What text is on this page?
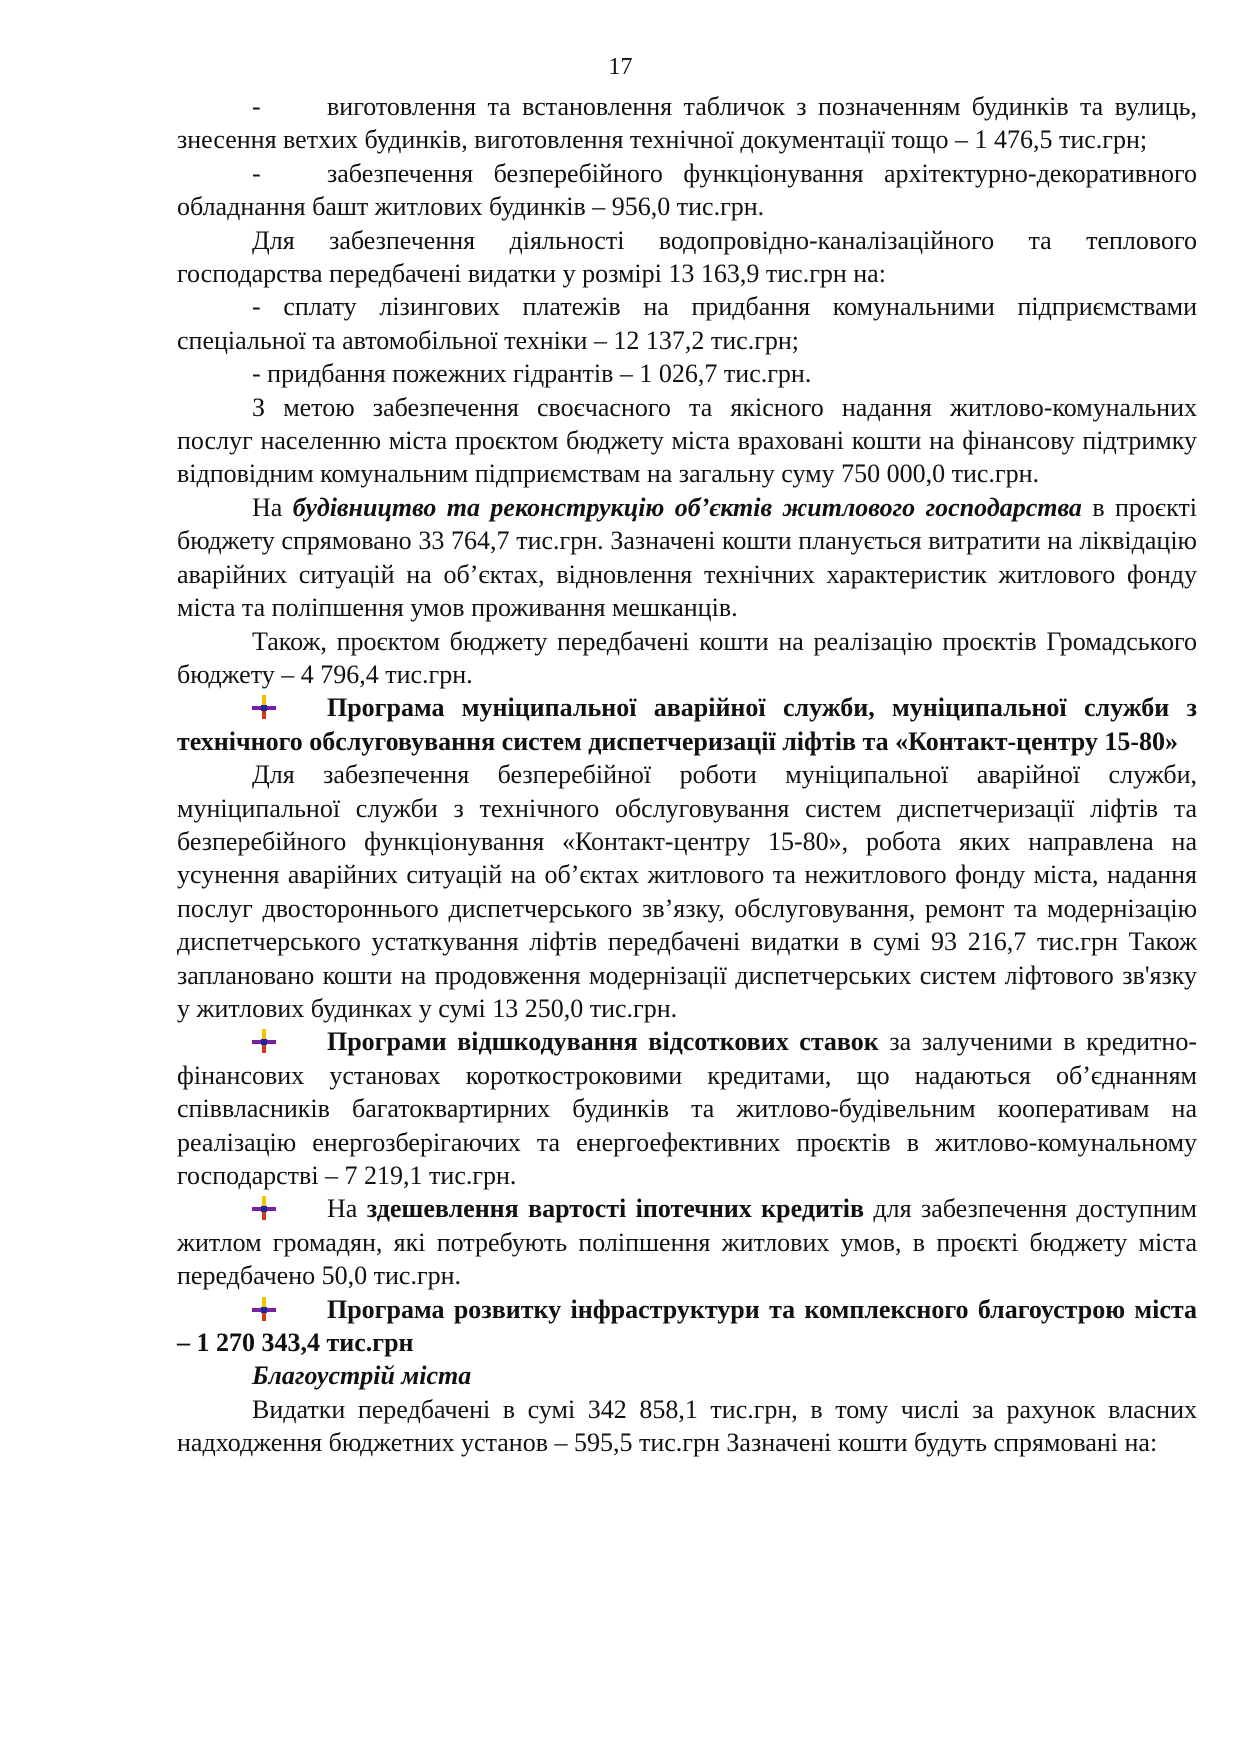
17

-	виготовлення та встановлення табличок з позначенням будинків та вулиць, знесення ветхих будинків, виготовлення технічної документації тощо – 1 476,5 тис.грн;

-	забезпечення безперебійного функціонування архітектурно-декоративного обладнання башт житлових будинків – 956,0 тис.грн.

Для забезпечення діяльності водопровідно-каналізаційного та теплового господарства передбачені видатки у розмірі 13 163,9 тис.грн на:

- сплату лізингових платежів на придбання комунальними підприємствами спеціальної та автомобільної техніки – 12 137,2 тис.грн;

- придбання пожежних гідрантів – 1 026,7 тис.грн.

З метою забезпечення своєчасного та якісного надання житлово-комунальних послуг населенню міста проєктом бюджету міста враховані кошти на фінансову підтримку відповідним комунальним підприємствам на загальну суму 750 000,0 тис.грн.

На будівництво та реконструкцію об’єктів житлового господарства в проєкті бюджету спрямовано 33 764,7 тис.грн. Зазначені кошти планується витратити на ліквідацію аварійних ситуацій на об’єктах, відновлення технічних характеристик житлового фонду міста та поліпшення умов проживання мешканців.

Також, проєктом бюджету передбачені кошти на реалізацію проєктів Громадського бюджету – 4 796,4 тис.грн.

Програма муніципальної аварійної служби, муніципальної служби з технічного обслуговування систем диспетчеризації ліфтів та «Контакт-центру 15-80»

Для забезпечення безперебійної роботи муніципальної аварійної служби, муніципальної служби з технічного обслуговування систем диспетчеризації ліфтів та безперебійного функціонування «Контакт-центру 15-80», робота яких направлена на усунення аварійних ситуацій на об’єктах житлового та нежитлового фонду міста, надання послуг двостороннього диспетчерського зв’язку, обслуговування, ремонт та модернізацію диспетчерського устаткування ліфтів передбачені видатки в сумі 93 216,7 тис.грн Також заплановано кошти на продовження модернізації диспетчерських систем ліфтового зв'язку у житлових будинках у сумі 13 250,0 тис.грн.

Програми відшкодування відсоткових ставок за залученими в кредитно-фінансових установах короткостроковими кредитами, що надаються об’єднанням співвласників багатоквартирних будинків та житлово-будівельним кооперативам на реалізацію енергозберігаючих та енергоефективних проєктів в житлово-комунальному господарстві – 7 219,1 тис.грн.

На здешевлення вартості іпотечних кредитів для забезпечення доступним житлом громадян, які потребують поліпшення житлових умов, в проєкті бюджету міста передбачено 50,0 тис.грн.

Програма розвитку інфраструктури та комплексного благоустрою міста – 1 270 343,4 тис.грн

Благоустрій міста

Видатки передбачені в сумі 342 858,1 тис.грн, в тому числі за рахунок власних надходження бюджетних установ – 595,5 тис.грн Зазначені кошти будуть спрямовані на:
